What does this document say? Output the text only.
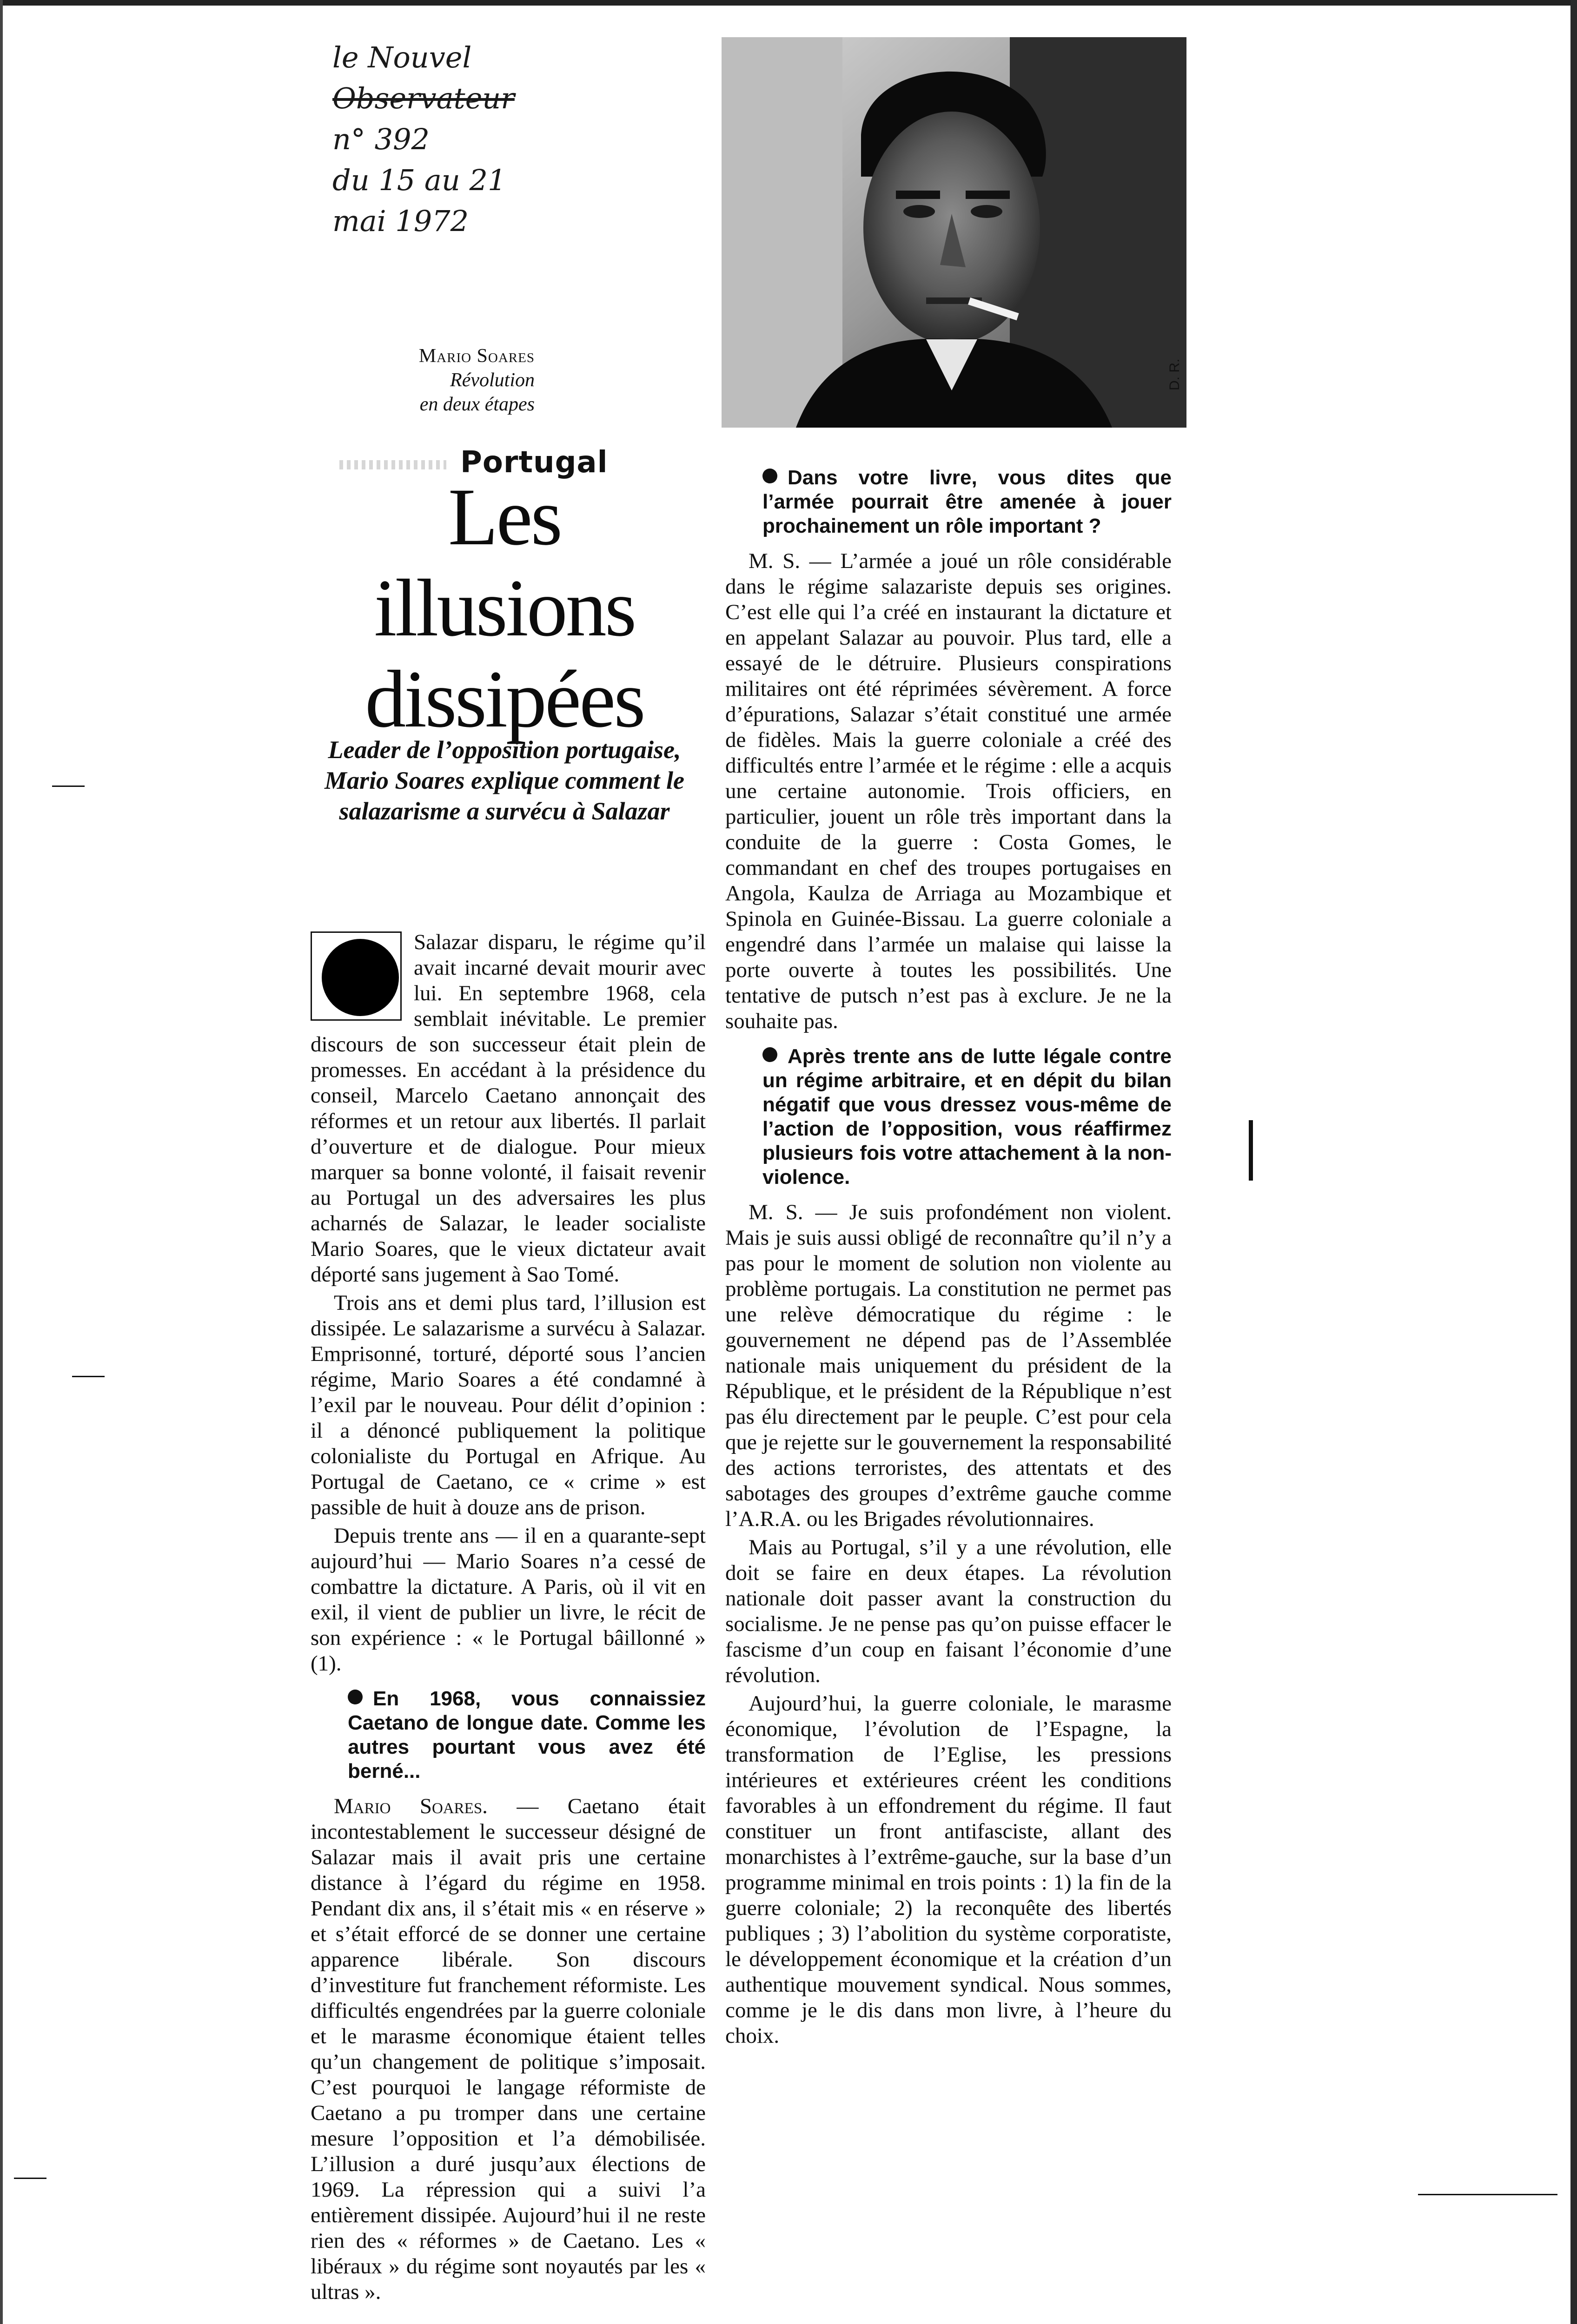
le Nouvel
Observateur
n° 392
du 15 au 21
mai 1972
D. R.
Mario Soares
Révolution
en deux étapes
Portugal
Les
illusions
dissipées
Leader de l’opposition portugaise, Mario Soares explique comment le salazarisme a survécu à Salazar

Salazar disparu, le régime qu’il avait incarné devait mourir avec lui. En septembre 1968, cela semblait inévitable. Le premier discours de son successeur était plein de promesses. En accédant à la présidence du conseil, Marcelo Caetano annonçait des réformes et un retour aux libertés. Il parlait d’ouverture et de dialogue. Pour mieux marquer sa bonne volonté, il faisait revenir au Portugal un des adversaires les plus acharnés de Salazar, le leader socialiste Mario Soares, que le vieux dictateur avait déporté sans jugement à Sao Tomé.

Trois ans et demi plus tard, l’illusion est dissipée. Le salazarisme a survécu à Salazar. Emprisonné, torturé, déporté sous l’ancien régime, Mario Soares a été condamné à l’exil par le nouveau. Pour délit d’opinion : il a dénoncé publiquement la politique colonialiste du Portugal en Afrique. Au Portugal de Caetano, ce « crime » est passible de huit à douze ans de prison.

Depuis trente ans — il en a quarante-sept aujourd’hui — Mario Soares n’a cessé de combattre la dictature. A Paris, où il vit en exil, il vient de publier un livre, le récit de son expérience : « le Portugal bâillonné » (1).

En 1968, vous connaissiez Caetano de longue date. Comme les autres pourtant vous avez été berné...

Mario Soares. — Caetano était incontestablement le successeur désigné de Salazar mais il avait pris une certaine distance à l’égard du régime en 1958. Pendant dix ans, il s’était mis « en réserve » et s’était efforcé de se donner une certaine apparence libérale. Son discours d’investiture fut franchement réformiste. Les difficultés engendrées par la guerre coloniale et le marasme économique étaient telles qu’un changement de politique s’imposait. C’est pourquoi le langage réformiste de Caetano a pu tromper dans une certaine mesure l’opposition et l’a démobilisée. L’illusion a duré jusqu’aux élections de 1969. La répression qui a suivi l’a entièrement dissipée. Aujourd’hui il ne reste rien des « réformes » de Caetano. Les « libéraux » du régime sont noyautés par les « ultras ».

Dans votre livre, vous dites que l’armée pourrait être amenée à jouer prochainement un rôle important ?

M. S. — L’armée a joué un rôle considérable dans le régime salazariste depuis ses origines. C’est elle qui l’a créé en instaurant la dictature et en appelant Salazar au pouvoir. Plus tard, elle a essayé de le détruire. Plusieurs conspirations militaires ont été réprimées sévèrement. A force d’épurations, Salazar s’était constitué une armée de fidèles. Mais la guerre coloniale a créé des difficultés entre l’armée et le régime : elle a acquis une certaine autonomie. Trois officiers, en particulier, jouent un rôle très important dans la conduite de la guerre : Costa Gomes, le commandant en chef des troupes portugaises en Angola, Kaulza de Arriaga au Mozambique et Spinola en Guinée-Bissau. La guerre coloniale a engendré dans l’armée un malaise qui laisse la porte ouverte à toutes les possibilités. Une tentative de putsch n’est pas à exclure. Je ne la souhaite pas.

Après trente ans de lutte légale contre un régime arbitraire, et en dépit du bilan négatif que vous dressez vous-même de l’action de l’opposition, vous réaffirmez plusieurs fois votre attachement à la non-violence.

M. S. — Je suis profondément non violent. Mais je suis aussi obligé de reconnaître qu’il n’y a pas pour le moment de solution non violente au problème portugais. La constitution ne permet pas une relève démocratique du régime : le gouvernement ne dépend pas de l’Assemblée nationale mais uniquement du président de la République, et le président de la République n’est pas élu directement par le peuple. C’est pour cela que je rejette sur le gouvernement la responsabilité des actions terroristes, des attentats et des sabotages des groupes d’extrême gauche comme l’A.R.A. ou les Brigades révolutionnaires.

Mais au Portugal, s’il y a une révolution, elle doit se faire en deux étapes. La révolution nationale doit passer avant la construction du socialisme. Je ne pense pas qu’on puisse effacer le fascisme d’un coup en faisant l’économie d’une révolution.

Aujourd’hui, la guerre coloniale, le marasme économique, l’évolution de l’Espagne, la transformation de l’Eglise, les pressions intérieures et extérieures créent les conditions favorables à un effondrement du régime. Il faut constituer un front antifasciste, allant des monarchistes à l’extrême-gauche, sur la base d’un programme minimal en trois points : 1) la fin de la guerre coloniale; 2) la reconquête des libertés publiques ; 3) l’abolition du système corporatiste, le développement économique et la création d’un authentique mouvement syndical. Nous sommes, comme je le dis dans mon livre, à l’heure du choix.
